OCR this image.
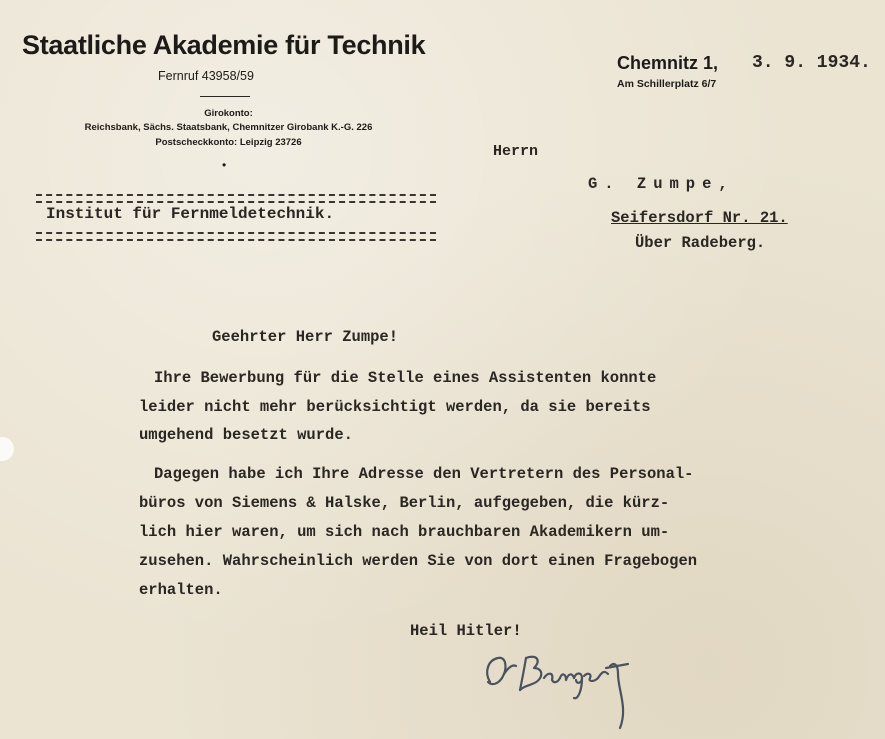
Staatliche Akademie für Technik

Fernruf 43958/59

Girokonto:

Reichsbank, Sächs. Staatsbank, Chemnitzer Girobank K.-G. 226

Postscheckkonto: Leipzig 23726

•

Institut für Fernmeldetechnik.

Chemnitz 1, 3. 9. 1934.
Am Schillerplatz 6/7

Herrn

G. Zumpe,

Seifersdorf Nr. 21.

Über Radeberg.

Geehrter Herr Zumpe!

Ihre Bewerbung für die Stelle eines Assistenten konnte

leider nicht mehr berücksichtigt werden, da sie bereits

umgehend besetzt wurde.

Dagegen habe ich Ihre Adresse den Vertretern des Personal-

büros von Siemens & Halske, Berlin, aufgegeben, die kürz-

lich hier waren, um sich nach brauchbaren Akademikern um-

zusehen. Wahrscheinlich werden Sie von dort einen Fragebogen

erhalten.

Heil Hitler!
